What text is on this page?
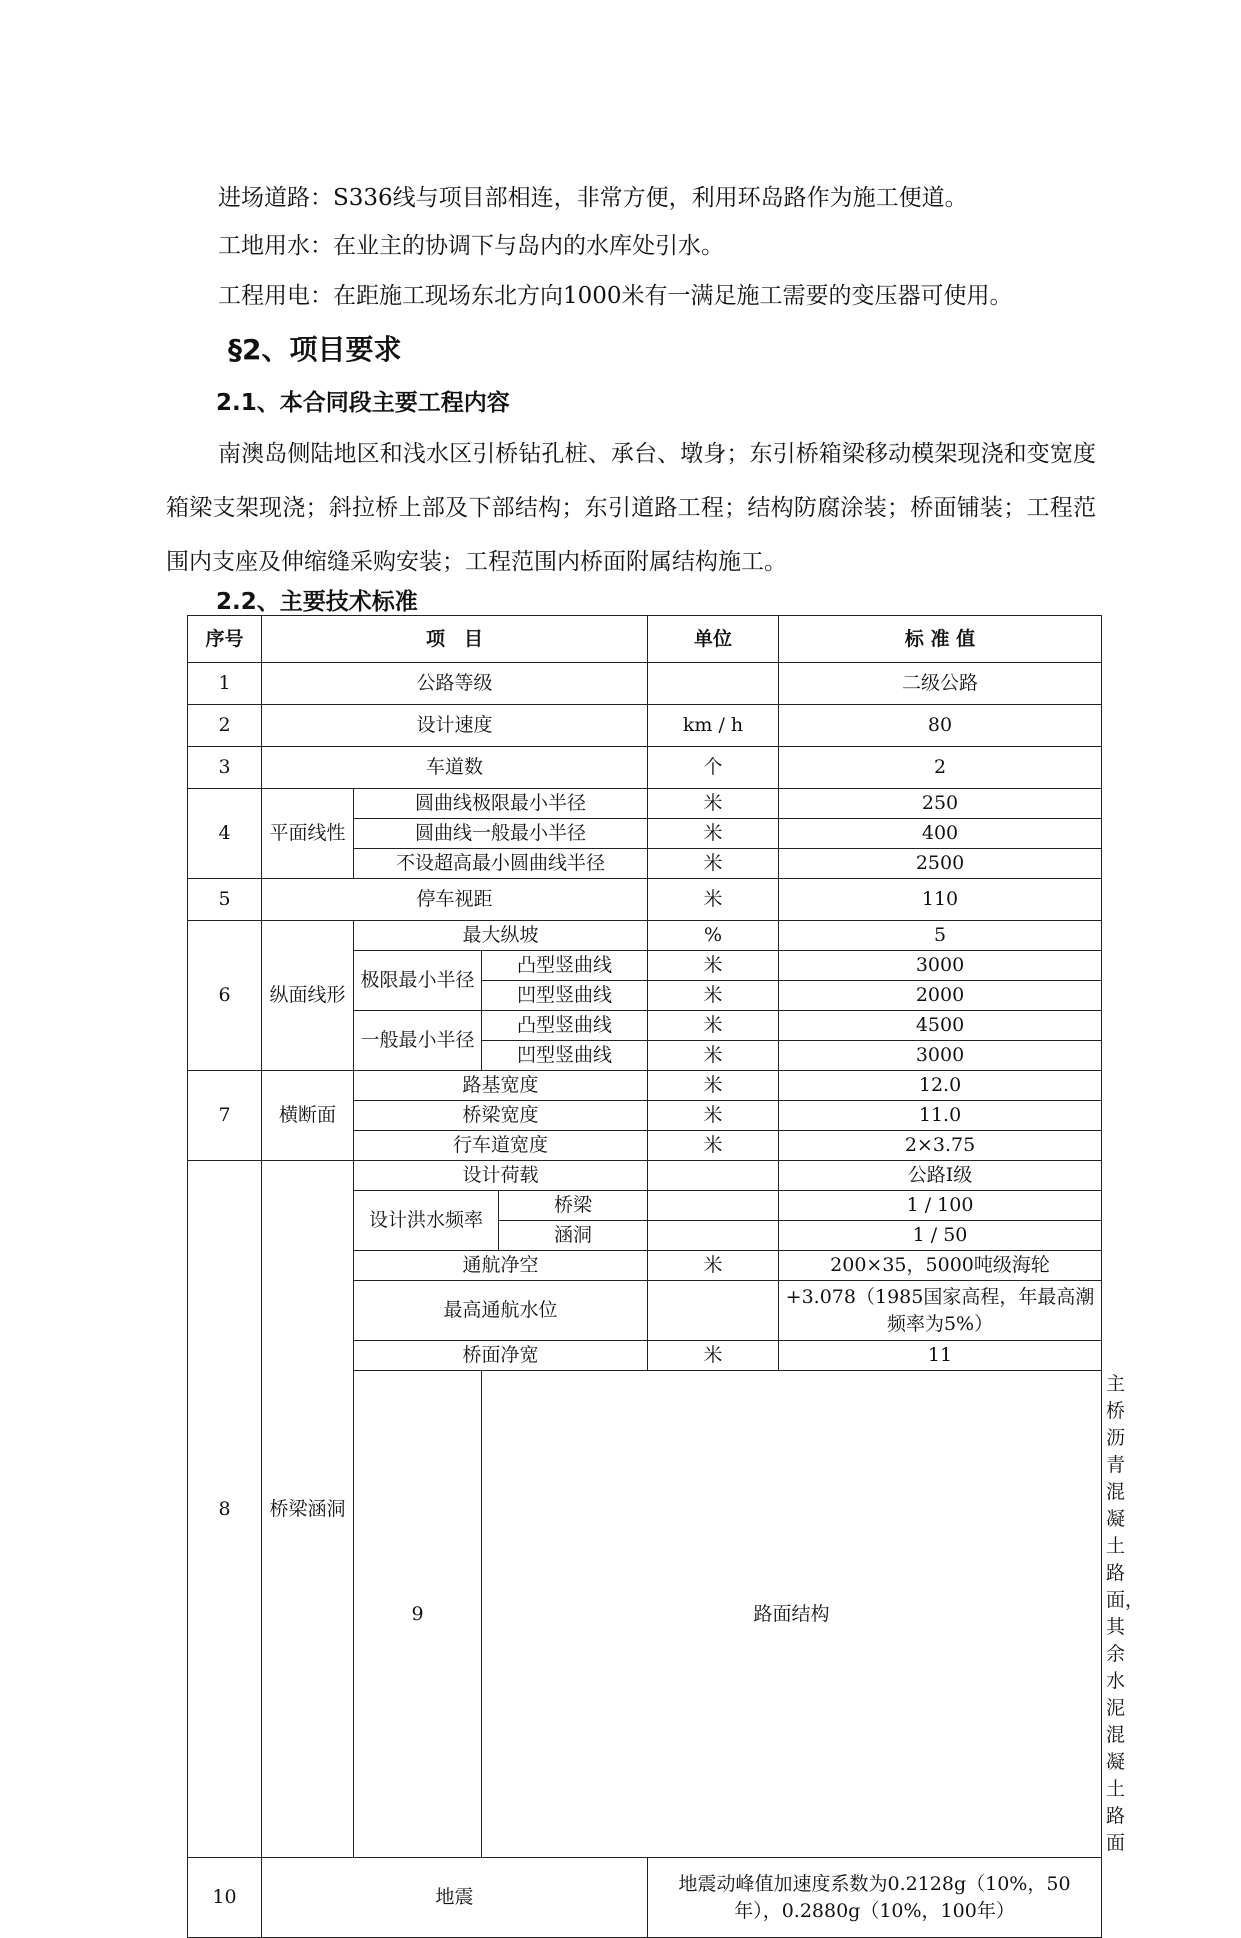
进场道路：S336线与项目部相连，非常方便，利用环岛路作为施工便道。
工地用水：在业主的协调下与岛内的水库处引水。
工程用电：在距施工现场东北方向1000米有一满足施工需要的变压器可使用。
§2、项目要求
2.1、本合同段主要工程内容
南澳岛侧陆地区和浅水区引桥钻孔桩、承台、墩身；东引桥箱梁移动模架现浇和变宽度箱梁支架现浇；斜拉桥上部及下部结构；东引道路工程；结构防腐涂装；桥面铺装；工程范围内支座及伸缩缝采购安装；工程范围内桥面附属结构施工。
2.2、主要技术标准
序号	项　目				单位	标 准 值	
1	公路等级					二级公路	
2	设计速度				km / h	80	
3	车道数				个	2	
4	平面线性	圆曲线极限最小半径			米	250	
		圆曲线一般最小半径			米	400	
		不设超高最小圆曲线半径			米	2500	
5	停车视距				米	110	
6	纵面线形	最大纵坡			%	5	
		极限最小半径	凸型竖曲线		米	3000	
			凹型竖曲线		米	2000	
		一般最小半径	凸型竖曲线		米	4500	
			凹型竖曲线		米	3000	
7	横断面	路基宽度			米	12.0	
		桥梁宽度			米	11.0	
		行车道宽度			米	2×3.75	
8	桥梁涵洞	设计荷载				公路Ⅰ级	
		设计洪水频率		桥梁		1 / 100	
				涵洞		1 / 50	
		通航净空			米	200×35，5000吨级海轮	
		最高通航水位				+3.078（1985国家高程，年最高潮频率为5%）	
		桥面净宽			米	11	
		9	路面结构				主桥沥青混凝土路面，其余水泥混凝土路面
10	地震				地震动峰值加速度系数为0.2128g（10%，50年），0.2880g（10%，100年）		
